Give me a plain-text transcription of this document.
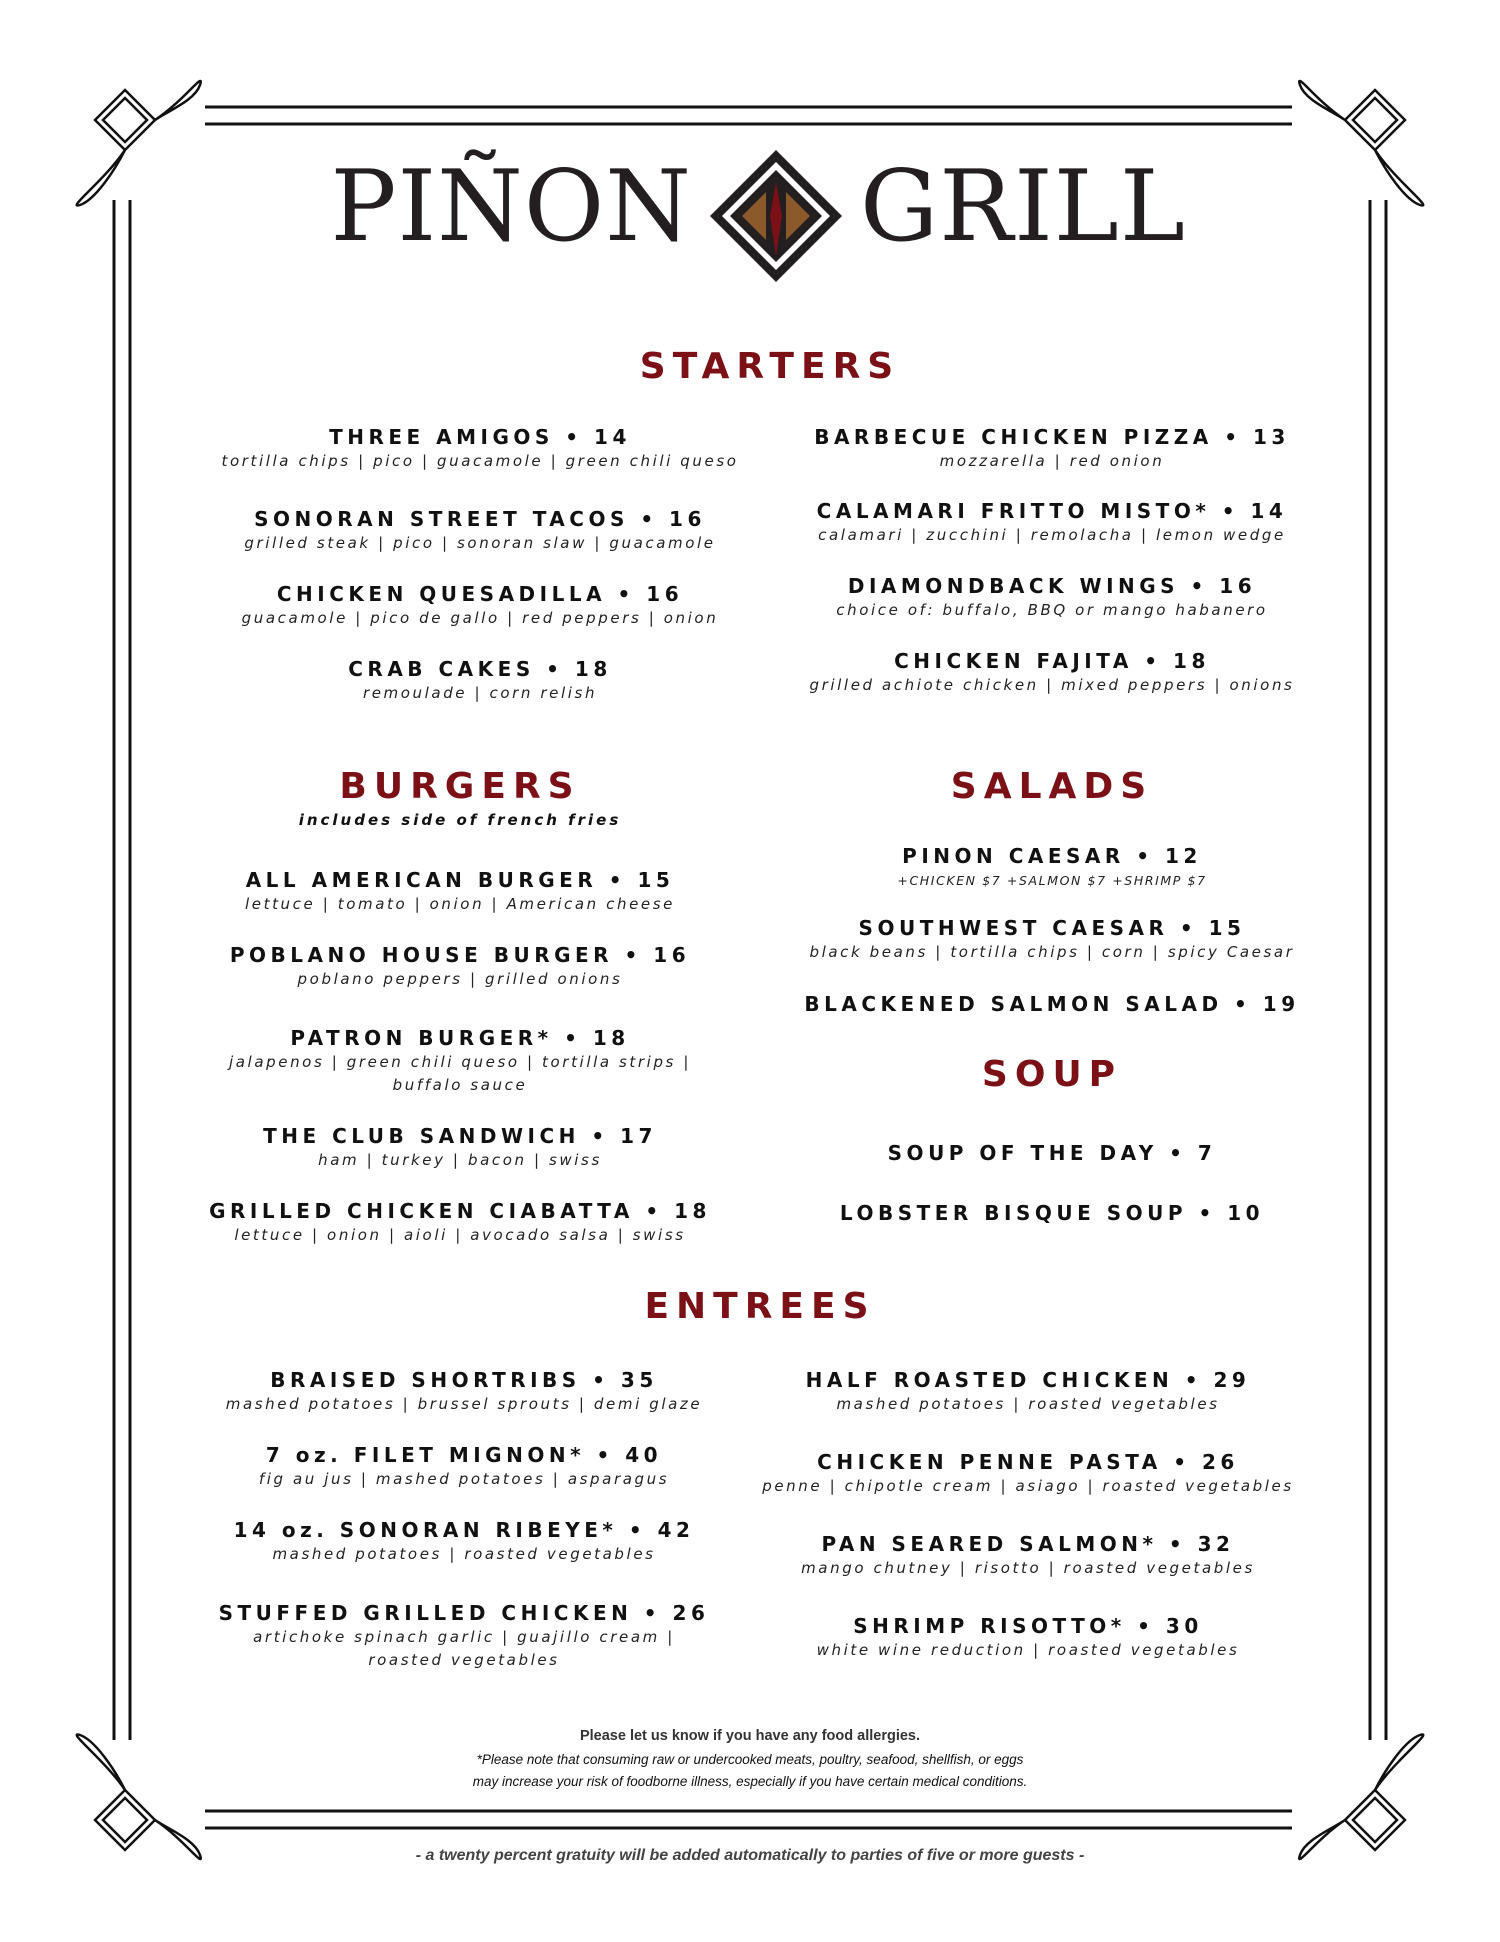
PIÑON GRILL
STARTERS
THREE AMIGOS • 14
tortilla chips | pico | guacamole | green chili queso
SONORAN STREET TACOS • 16
grilled steak | pico | sonoran slaw | guacamole
CHICKEN QUESADILLA • 16
guacamole | pico de gallo | red peppers | onion
CRAB CAKES • 18
remoulade | corn relish
BARBECUE CHICKEN PIZZA • 13
mozzarella | red onion
CALAMARI FRITTO MISTO* • 14
calamari | zucchini | remolacha | lemon wedge
DIAMONDBACK WINGS • 16
choice of: buffalo, BBQ or mango habanero
CHICKEN FAJITA • 18
grilled achiote chicken | mixed peppers | onions
BURGERS
includes side of french fries
ALL AMERICAN BURGER • 15
lettuce | tomato | onion | American cheese
POBLANO HOUSE BURGER • 16
poblano peppers | grilled onions
PATRON BURGER* • 18
jalapenos | green chili queso | tortilla strips | buffalo sauce
THE CLUB SANDWICH • 17
ham | turkey | bacon | swiss
GRILLED CHICKEN CIABATTA • 18
lettuce | onion | aioli | avocado salsa | swiss
SALADS
PINON CAESAR • 12
+CHICKEN $7 +SALMON $7 +SHRIMP $7
SOUTHWEST CAESAR • 15
black beans | tortilla chips | corn | spicy Caesar
BLACKENED SALMON SALAD • 19
SOUP
SOUP OF THE DAY • 7
LOBSTER BISQUE SOUP • 10
ENTREES
BRAISED SHORTRIBS • 35
mashed potatoes | brussel sprouts | demi glaze
7 oz. FILET MIGNON* • 40
fig au jus | mashed potatoes | asparagus
14 oz. SONORAN RIBEYE* • 42
mashed potatoes | roasted vegetables
STUFFED GRILLED CHICKEN • 26
artichoke spinach garlic | guajillo cream | roasted vegetables
HALF ROASTED CHICKEN • 29
mashed potatoes | roasted vegetables
CHICKEN PENNE PASTA • 26
penne | chipotle cream | asiago | roasted vegetables
PAN SEARED SALMON* • 32
mango chutney | risotto | roasted vegetables
SHRIMP RISOTTO* • 30
white wine reduction | roasted vegetables
Please let us know if you have any food allergies.
*Please note that consuming raw or undercooked meats, poultry, seafood, shellfish, or eggs
may increase your risk of foodborne illness, especially if you have certain medical conditions.
- a twenty percent gratuity will be added automatically to parties of five or more guests -
